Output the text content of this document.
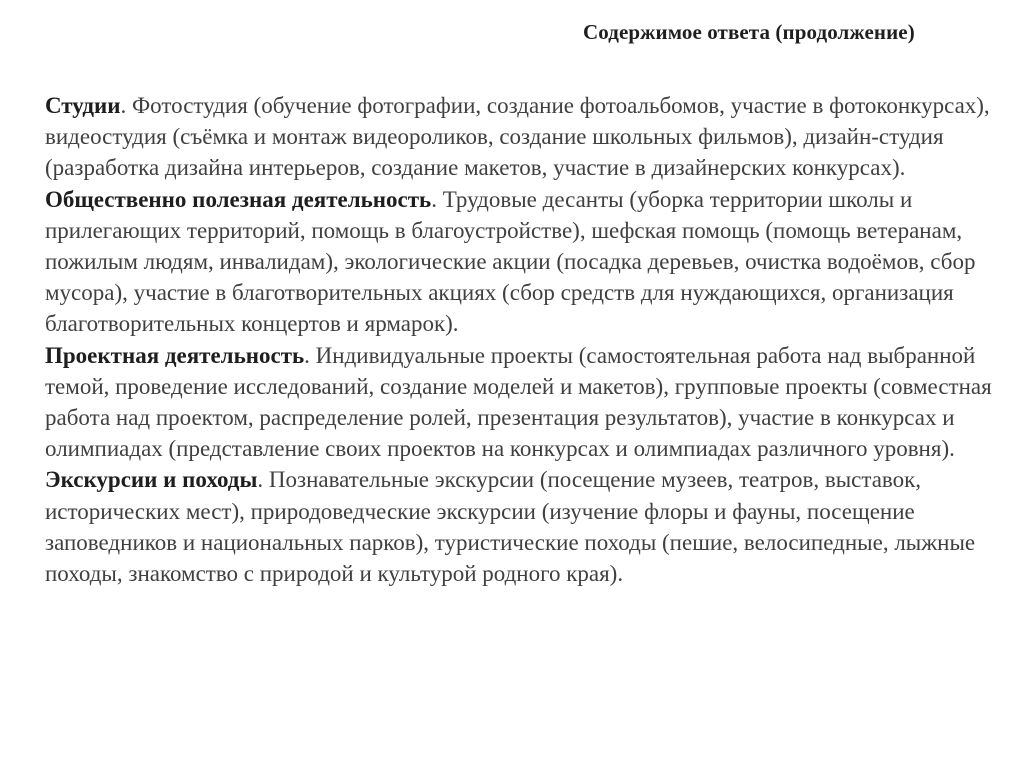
Содержимое ответа (продолжение)

Студии. Фотостудия (обучение фотографии, создание фотоальбомов, участие в фотоконкурсах), видеостудия (съёмка и монтаж видеороликов, создание школьных фильмов), дизайн-студия (разработка дизайна интерьеров, создание макетов, участие в дизайнерских конкурсах).

Общественно полезная деятельность. Трудовые десанты (уборка территории школы и прилегающих территорий, помощь в благоустройстве), шефская помощь (помощь ветеранам, пожилым людям, инвалидам), экологические акции (посадка деревьев, очистка водоёмов, сбор мусора), участие в благотворительных акциях (сбор средств для нуждающихся, организация благотворительных концертов и ярмарок).

Проектная деятельность. Индивидуальные проекты (самостоятельная работа над выбранной темой, проведение исследований, создание моделей и макетов), групповые проекты (совместная работа над проектом, распределение ролей, презентация результатов), участие в конкурсах и олимпиадах (представление своих проектов на конкурсах и олимпиадах различного уровня).

Экскурсии и походы. Познавательные экскурсии (посещение музеев, театров, выставок, исторических мест), природоведческие экскурсии (изучение флоры и фауны, посещение заповедников и национальных парков), туристические походы (пешие, велосипедные, лыжные походы, знакомство с природой и культурой родного края).
